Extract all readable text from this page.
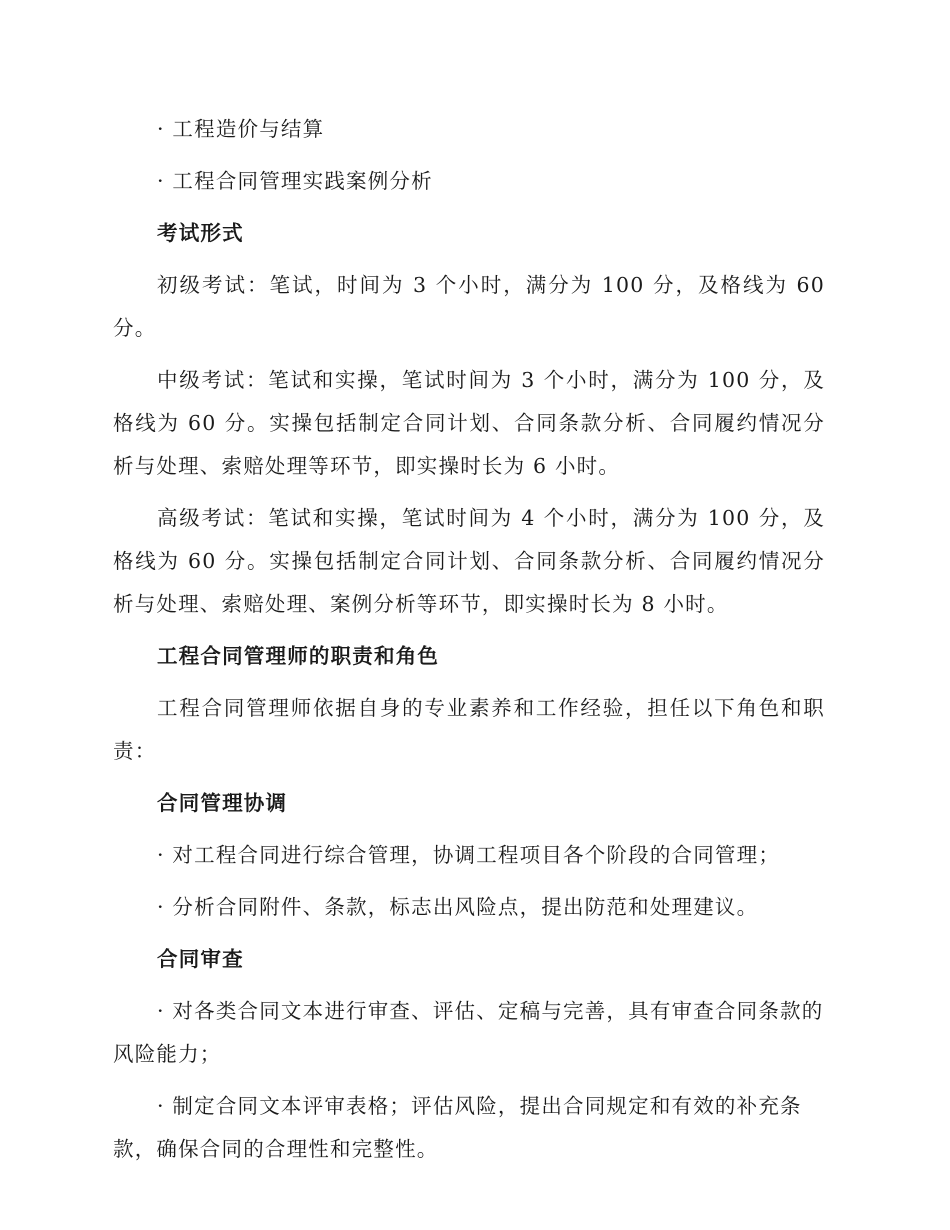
· 工程造价与结算

· 工程合同管理实践案例分析

考试形式

初级考试：笔试，时间为 3 个小时，满分为 100 分，及格线为 60 分。

中级考试：笔试和实操，笔试时间为 3 个小时，满分为 100 分，及格线为 60 分。实操包括制定合同计划、合同条款分析、合同履约情况分析与处理、索赔处理等环节，即实操时长为 6 小时。

高级考试：笔试和实操，笔试时间为 4 个小时，满分为 100 分，及格线为 60 分。实操包括制定合同计划、合同条款分析、合同履约情况分析与处理、索赔处理、案例分析等环节，即实操时长为 8 小时。

工程合同管理师的职责和角色

工程合同管理师依据自身的专业素养和工作经验，担任以下角色和职责：

合同管理协调

· 对工程合同进行综合管理，协调工程项目各个阶段的合同管理；

· 分析合同附件、条款，标志出风险点，提出防范和处理建议。

合同审查

· 对各类合同文本进行审查、评估、定稿与完善，具有审查合同条款的风险能力；

· 制定合同文本评审表格；评估风险，提出合同规定和有效的补充条款，确保合同的合理性和完整性。
